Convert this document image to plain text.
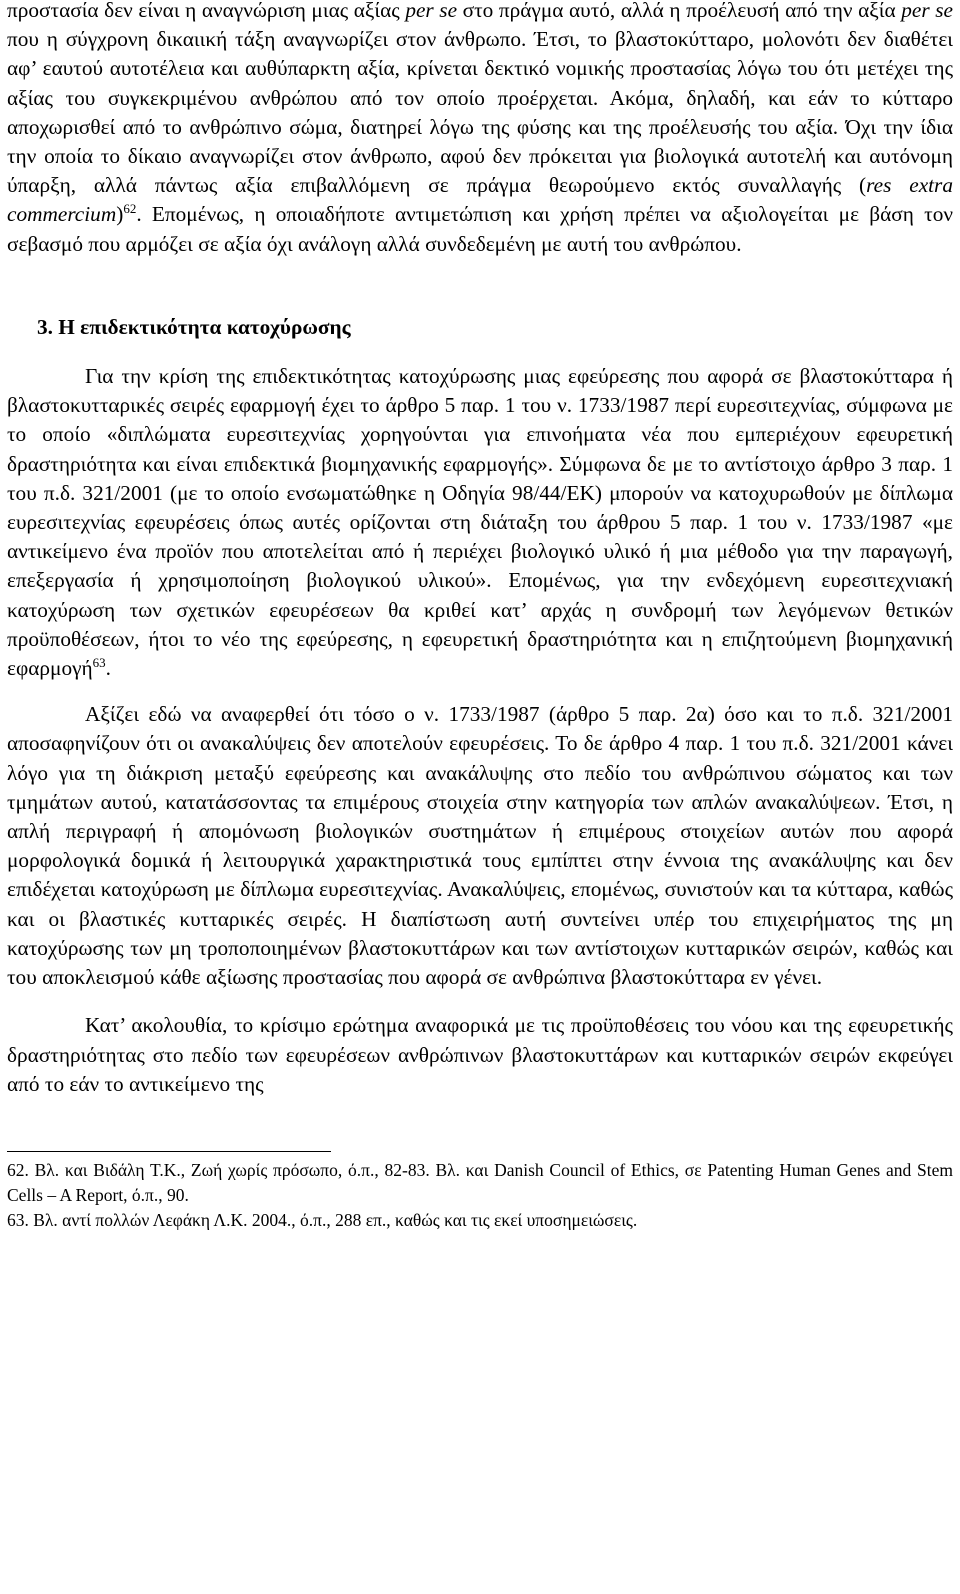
προστασία δεν είναι η αναγνώριση μιας αξίας per se στο πράγμα αυτό, αλλά η προέλευσή από την αξία per se που η σύγχρονη δικαιική τάξη αναγνωρίζει στον άνθρωπο. Έτσι, το βλαστοκύτταρο, μολονότι δεν διαθέτει αφ’ εαυτού αυτοτέλεια και αυθύπαρκτη αξία, κρίνεται δεκτικό νομικής προστασίας λόγω του ότι μετέχει της αξίας του συγκεκριμένου ανθρώπου από τον οποίο προέρχεται. Ακόμα, δηλαδή, και εάν το κύτταρο αποχωρισθεί από το ανθρώπινο σώμα, διατηρεί λόγω της φύσης και της προέλευσής του αξία. Όχι την ίδια την οποία το δίκαιο αναγνωρίζει στον άνθρωπο, αφού δεν πρόκειται για βιολογικά αυτοτελή και αυτόνομη ύπαρξη, αλλά πάντως αξία επιβαλλόμενη σε πράγμα θεωρούμενο εκτός συναλλαγής (res extra commercium)$^{62}$. Επομένως, η οποιαδήποτε αντιμετώπιση και χρήση πρέπει να αξιολογείται με βάση τον σεβασμό που αρμόζει σε αξία όχι ανάλογη αλλά συνδεδεμένη με αυτή του ανθρώπου.

3. Η επιδεκτικότητα κατοχύρωσης

Για την κρίση της επιδεκτικότητας κατοχύρωσης μιας εφεύρεσης που αφορά σε βλαστοκύτταρα ή βλαστοκυτταρικές σειρές εφαρμογή έχει το άρθρο 5 παρ. 1 του ν. 1733/1987 περί ευρεσιτεχνίας, σύμφωνα με το οποίο «διπλώματα ευρεσιτεχνίας χορηγούνται για επινοήματα νέα που εμπεριέχουν εφευρετική δραστηριότητα και είναι επιδεκτικά βιομηχανικής εφαρμογής». Σύμφωνα δε με το αντίστοιχο άρθρο 3 παρ. 1 του π.δ. 321/2001 (με το οποίο ενσωματώθηκε η Οδηγία 98/44/ΕΚ) μπορούν να κατοχυρωθούν με δίπλωμα ευρεσιτεχνίας εφευρέσεις όπως αυτές ορίζονται στη διάταξη του άρθρου 5 παρ. 1 του ν. 1733/1987 «με αντικείμενο ένα προϊόν που αποτελείται από ή περιέχει βιολογικό υλικό ή μια μέθοδο για την παραγωγή, επεξεργασία ή χρησιμοποίηση βιολογικού υλικού». Επομένως, για την ενδεχόμενη ευρεσιτεχνιακή κατοχύρωση των σχετικών εφευρέσεων θα κριθεί κατ’ αρχάς η συνδρομή των λεγόμενων θετικών προϋποθέσεων, ήτοι το νέο της εφεύρεσης, η εφευρετική δραστηριότητα και η επιζητούμενη βιομηχανική εφαρμογή$^{63}$.

Αξίζει εδώ να αναφερθεί ότι τόσο ο ν. 1733/1987 (άρθρο 5 παρ. 2α) όσο και το π.δ. 321/2001 αποσαφηνίζουν ότι οι ανακαλύψεις δεν αποτελούν εφευρέσεις. Το δε άρθρο 4 παρ. 1 του π.δ. 321/2001 κάνει λόγο για τη διάκριση μεταξύ εφεύρεσης και ανακάλυψης στο πεδίο του ανθρώπινου σώματος και των τμημάτων αυτού, κατατάσσοντας τα επιμέρους στοιχεία στην κατηγορία των απλών ανακαλύψεων. Έτσι, η απλή περιγραφή ή απομόνωση βιολογικών συστημάτων ή επιμέρους στοιχείων αυτών που αφορά μορφολογικά δομικά ή λειτουργικά χαρακτηριστικά τους εμπίπτει στην έννοια της ανακάλυψης και δεν επιδέχεται κατοχύρωση με δίπλωμα ευρεσιτεχνίας. Ανακαλύψεις, επομένως, συνιστούν και τα κύτταρα, καθώς και οι βλαστικές κυτταρικές σειρές. Η διαπίστωση αυτή συντείνει υπέρ του επιχειρήματος της μη κατοχύρωσης των μη τροποποιημένων βλαστοκυττάρων και των αντίστοιχων κυτταρικών σειρών, καθώς και του αποκλεισμού κάθε αξίωσης προστασίας που αφορά σε ανθρώπινα βλαστοκύτταρα εν γένει.

Κατ’ ακολουθία, το κρίσιμο ερώτημα αναφορικά με τις προϋποθέσεις του νόου και της εφευρετικής δραστηριότητας στο πεδίο των εφευρέσεων ανθρώπινων βλαστοκυττάρων και κυτταρικών σειρών εκφεύγει από το εάν το αντικείμενο της

62. Βλ. και Βιδάλη Τ.Κ., Ζωή χωρίς πρόσωπο, ό.π., 82-83. Βλ. και Danish Council of Ethics, σε Patenting Human Genes and Stem Cells – A Report, ό.π., 90.

63. Βλ. αντί πολλών Λεφάκη Λ.Κ. 2004., ό.π., 288 επ., καθώς και τις εκεί υποσημειώσεις.
